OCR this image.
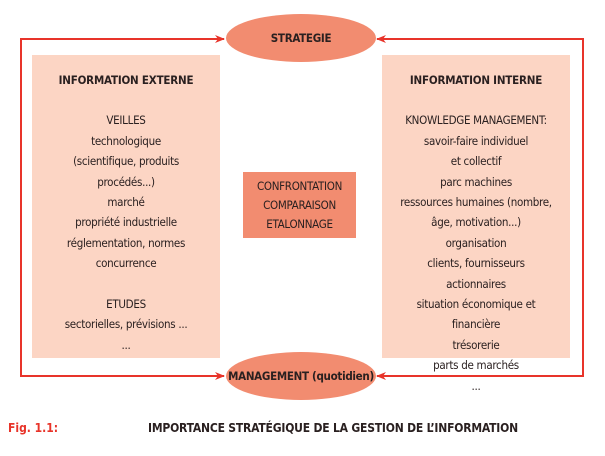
STRATEGIE
INFORMATION EXTERNE
VEILLES
technologique
(scientifique, produits
procédés...)
marché
propriété industrielle
réglementation, normes
concurrence
ETUDES
sectorielles, prévisions ...
...
INFORMATION INTERNE
KNOWLEDGE MANAGEMENT:
savoir-faire individuel
et collectif
parc machines
ressources humaines (nombre,
âge, motivation...)
organisation
clients, fournisseurs
actionnaires
situation économique et
financière
trésorerie
parts de marchés
...
CONFRONTATION
COMPARAISON
ETALONNAGE
MANAGEMENT (quotidien)
Fig. 1.1:	IMPORTANCE STRATÉGIQUE DE LA GESTION DE L’INFORMATION
